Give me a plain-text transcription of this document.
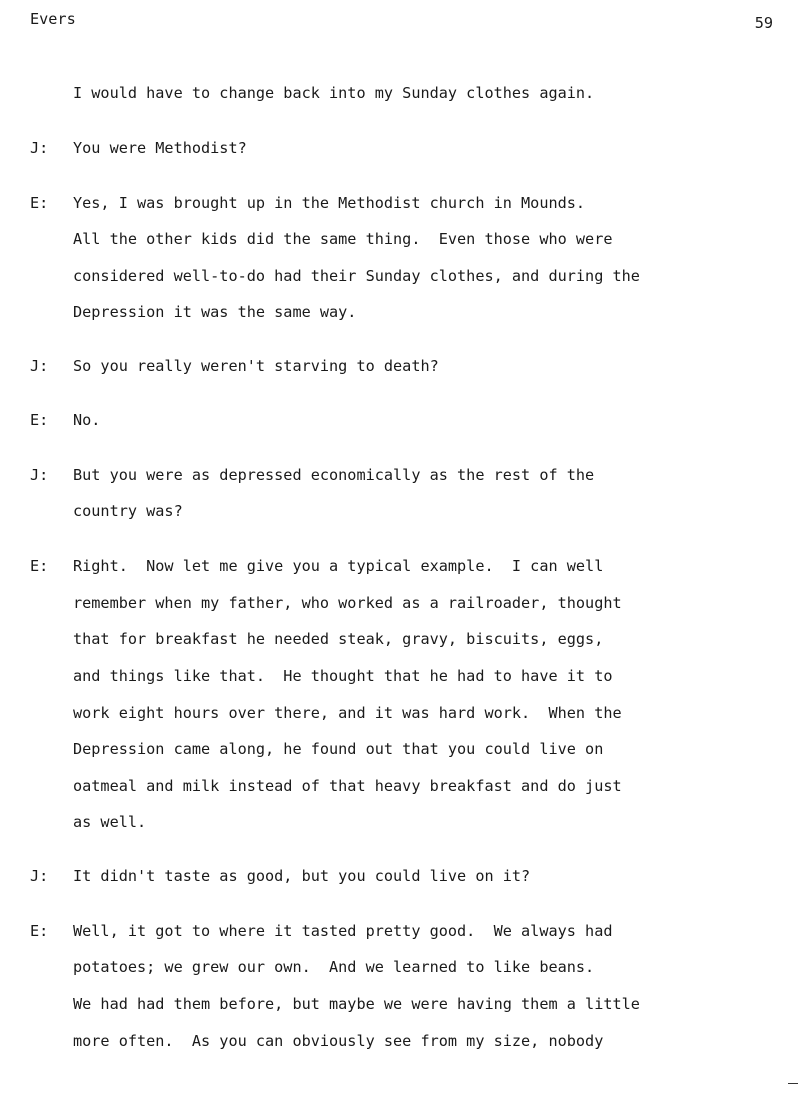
Evers	59
I would have to change back into my Sunday clothes again.
J: You were Methodist?
E: Yes, I was brought up in the Methodist church in Mounds.
All the other kids did the same thing.  Even those who were
considered well-to-do had their Sunday clothes, and during the
Depression it was the same way.
J: So you really weren't starving to death?
E: No.
J: But you were as depressed economically as the rest of the
country was?
E: Right.  Now let me give you a typical example.  I can well
remember when my father, who worked as a railroader, thought
that for breakfast he needed steak, gravy, biscuits, eggs,
and things like that.  He thought that he had to have it to
work eight hours over there, and it was hard work.  When the
Depression came along, he found out that you could live on
oatmeal and milk instead of that heavy breakfast and do just
as well.
J: It didn't taste as good, but you could live on it?
E: Well, it got to where it tasted pretty good.  We always had
potatoes; we grew our own.  And we learned to like beans.
We had had them before, but maybe we were having them a little
more often.  As you can obviously see from my size, nobody
